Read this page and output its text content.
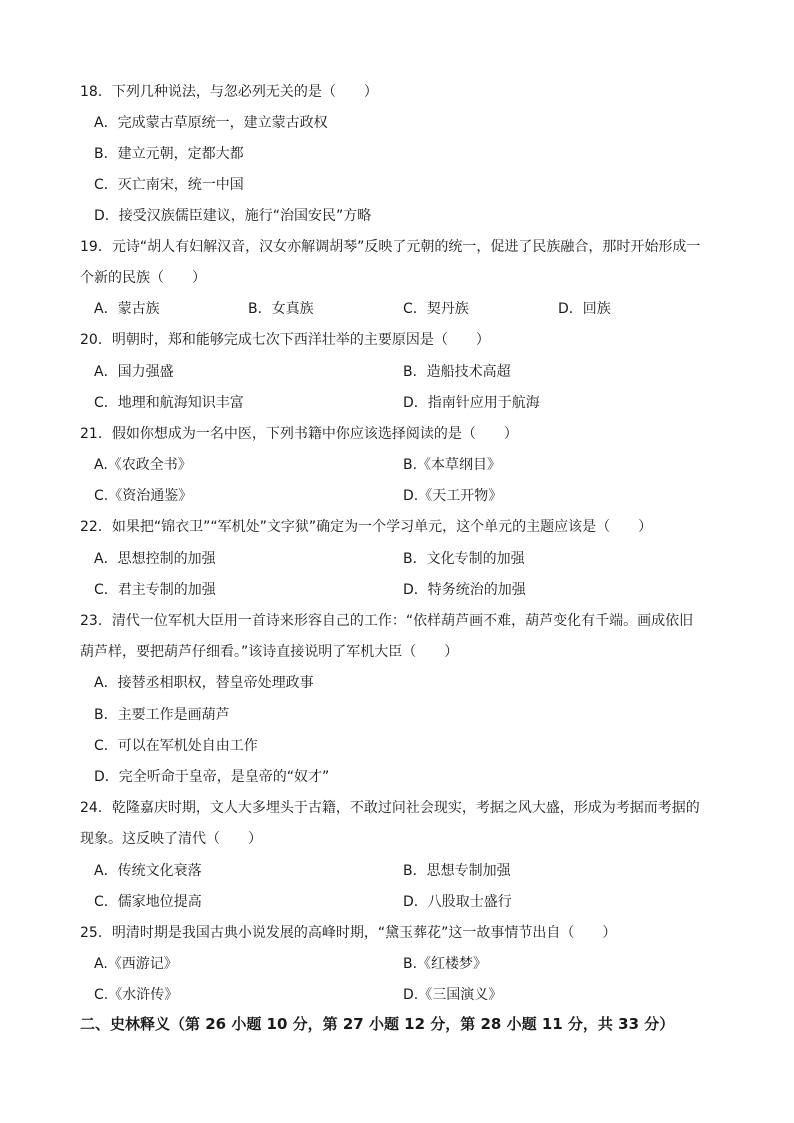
18．下列几种说法，与忽必列无关的是（　　）
A．完成蒙古草原统一，建立蒙古政权
B．建立元朝，定都大都
C．灭亡南宋，统一中国
D．接受汉族儒臣建议，施行“治国安民”方略
19．元诗“胡人有妇解汉音，汉女亦解调胡琴”反映了元朝的统一，促进了民族融合，那时开始形成一
个新的民族（　　）
A．蒙古族	B．女真族	C．契丹族	D．回族
20．明朝时，郑和能够完成七次下西洋壮举的主要原因是（　　）
A．国力强盛	B．造船技术高超
C．地理和航海知识丰富	D．指南针应用于航海
21．假如你想成为一名中医，下列书籍中你应该选择阅读的是（　　）
A.《农政全书》	B.《本草纲目》
C.《资治通鉴》	D.《天工开物》
22．如果把“锦衣卫”“军机处”文字狱”确定为一个学习单元，这个单元的主题应该是（　　）
A．思想控制的加强	B．文化专制的加强
C．君主专制的加强	D．特务统治的加强
23．清代一位军机大臣用一首诗来形容自己的工作：“依样葫芦画不难，葫芦变化有千端。画成依旧
葫芦样，要把葫芦仔细看。”该诗直接说明了军机大臣（　　）
A．接替丞相职权，替皇帝处理政事
B．主要工作是画葫芦
C．可以在军机处自由工作
D．完全听命于皇帝，是皇帝的“奴才”
24．乾隆嘉庆时期，文人大多埋头于古籍，不敢过问社会现实，考据之风大盛，形成为考据而考据的
现象。这反映了清代（　　）
A．传统文化衰落	B．思想专制加强
C．儒家地位提高	D．八股取士盛行
25．明清时期是我国古典小说发展的高峰时期，“黛玉葬花”这一故事情节出自（　　）
A.《西游记》	B.《红楼梦》
C.《水浒传》	D.《三国演义》
二、史林释义（第 26 小题 10 分，第 27 小题 12 分，第 28 小题 11 分，共 33 分）
